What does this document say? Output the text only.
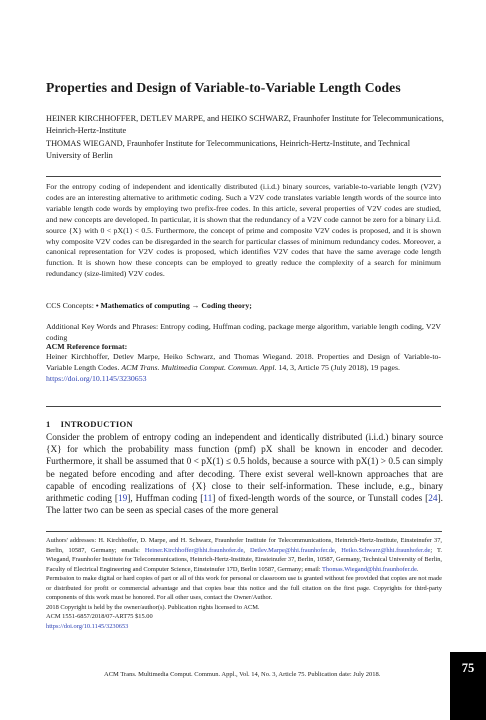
Properties and Design of Variable-to-Variable Length Codes
HEINER KIRCHHOFFER, DETLEV MARPE, and HEIKO SCHWARZ, Fraunhofer Institute for Telecommunications, Heinrich-Hertz-Institute
THOMAS WIEGAND, Fraunhofer Institute for Telecommunications, Heinrich-Hertz-Institute, and Technical University of Berlin
For the entropy coding of independent and identically distributed (i.i.d.) binary sources, variable-to-variable length (V2V) codes are an interesting alternative to arithmetic coding. Such a V2V code translates variable length words of the source into variable length code words by employing two prefix-free codes. In this article, several properties of V2V codes are studied, and new concepts are developed. In particular, it is shown that the redundancy of a V2V code cannot be zero for a binary i.i.d. source {X} with 0 < pX(1) < 0.5. Furthermore, the concept of prime and composite V2V codes is proposed, and it is shown why composite V2V codes can be disregarded in the search for particular classes of minimum redundancy codes. Moreover, a canonical representation for V2V codes is proposed, which identifies V2V codes that have the same average code length function. It is shown how these concepts can be employed to greatly reduce the complexity of a search for minimum redundancy (size-limited) V2V codes.
CCS Concepts: • Mathematics of computing → Coding theory;
Additional Key Words and Phrases: Entropy coding, Huffman coding, package merge algorithm, variable length coding, V2V coding
ACM Reference format:
Heiner Kirchhoffer, Detlev Marpe, Heiko Schwarz, and Thomas Wiegand. 2018. Properties and Design of Variable-to-Variable Length Codes. ACM Trans. Multimedia Comput. Commun. Appl. 14, 3, Article 75 (July 2018), 19 pages.
https://doi.org/10.1145/3230653
1 INTRODUCTION
Consider the problem of entropy coding an independent and identically distributed (i.i.d.) binary source {X} for which the probability mass function (pmf) pX shall be known in encoder and decoder. Furthermore, it shall be assumed that 0 < pX(1) ≤ 0.5 holds, because a source with pX(1) > 0.5 can simply be negated before encoding and after decoding. There exist several well-known approaches that are capable of encoding realizations of {X} close to their self-information. These include, e.g., binary arithmetic coding [19], Huffman coding [11] of fixed-length words of the source, or Tunstall codes [24]. The latter two can be seen as special cases of the more general

Authors' addresses: H. Kirchhoffer, D. Marpe, and H. Schwarz, Fraunhofer Institute for Telecommunications, Heinrich-Hertz-Institute, Einsteinufer 37, Berlin, 10587, Germany; emails: Heiner.Kirchhoffer@hhi.fraunhofer.de, Detlev.Marpe@hhi.fraunhofer.de, Heiko.Schwarz@hhi.fraunhofer.de; T. Wiegand, Fraunhofer Institute for Telecommunications, Heinrich-Hertz-Institute, Einsteinufer 37, Berlin, 10587, Germany, Technical University of Berlin, Faculty of Electrical Engineering and Computer Science, Einsteinufer 17D, Berlin 10587, Germany; email: Thomas.Wiegand@hhi.fraunhofer.de.

Permission to make digital or hard copies of part or all of this work for personal or classroom use is granted without fee provided that copies are not made or distributed for profit or commercial advantage and that copies bear this notice and the full citation on the first page. Copyrights for third-party components of this work must be honored. For all other uses, contact the Owner/Author.

2018 Copyright is held by the owner/author(s). Publication rights licensed to ACM.

ACM 1551-6857/2018/07-ART75 $15.00

https://doi.org/10.1145/3230653

ACM Trans. Multimedia Comput. Commun. Appl., Vol. 14, No. 3, Article 75. Publication date: July 2018.	75
